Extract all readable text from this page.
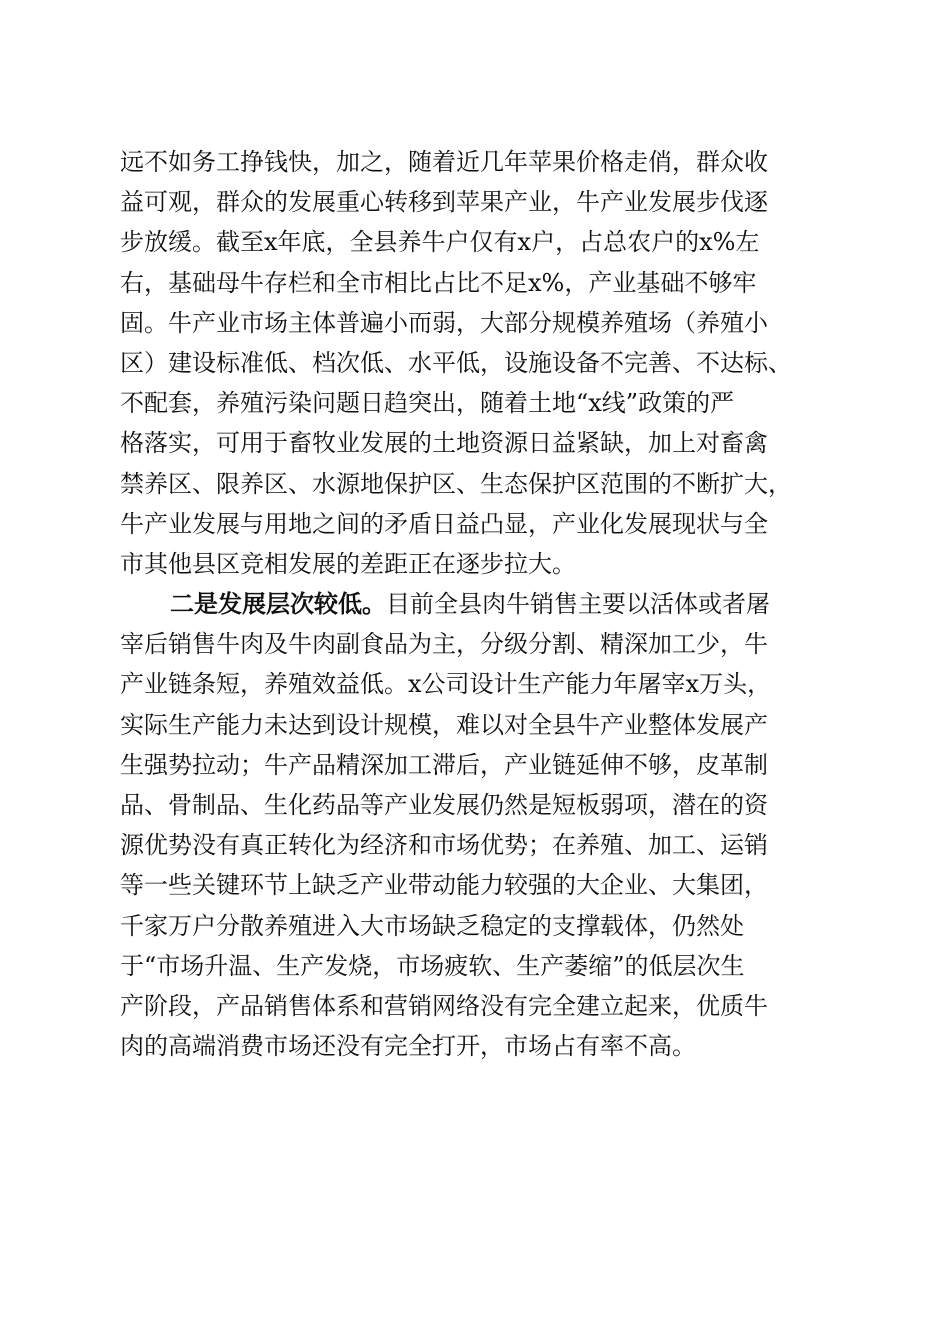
远不如务工挣钱快，加之，随着近几年苹果价格走俏，群众收
益可观，群众的发展重心转移到苹果产业，牛产业发展步伐逐
步放缓。截至x年底，全县养牛户仅有x户，占总农户的x%左
右，基础母牛存栏和全市相比占比不足x%，产业基础不够牢
固。牛产业市场主体普遍小而弱，大部分规模养殖场（养殖小
区）建设标准低、档次低、水平低，设施设备不完善、不达标、
不配套，养殖污染问题日趋突出，随着土地“x线”政策的严
格落实，可用于畜牧业发展的土地资源日益紧缺，加上对畜禽
禁养区、限养区、水源地保护区、生态保护区范围的不断扩大，
牛产业发展与用地之间的矛盾日益凸显，产业化发展现状与全
市其他县区竞相发展的差距正在逐步拉大。
二是发展层次较低。目前全县肉牛销售主要以活体或者屠
宰后销售牛肉及牛肉副食品为主，分级分割、精深加工少，牛
产业链条短，养殖效益低。x公司设计生产能力年屠宰x万头，
实际生产能力未达到设计规模，难以对全县牛产业整体发展产
生强势拉动；牛产品精深加工滞后，产业链延伸不够，皮革制
品、骨制品、生化药品等产业发展仍然是短板弱项，潜在的资
源优势没有真正转化为经济和市场优势；在养殖、加工、运销
等一些关键环节上缺乏产业带动能力较强的大企业、大集团，
千家万户分散养殖进入大市场缺乏稳定的支撑载体，仍然处
于“市场升温、生产发烧，市场疲软、生产萎缩”的低层次生
产阶段，产品销售体系和营销网络没有完全建立起来，优质牛
肉的高端消费市场还没有完全打开，市场占有率不高。
